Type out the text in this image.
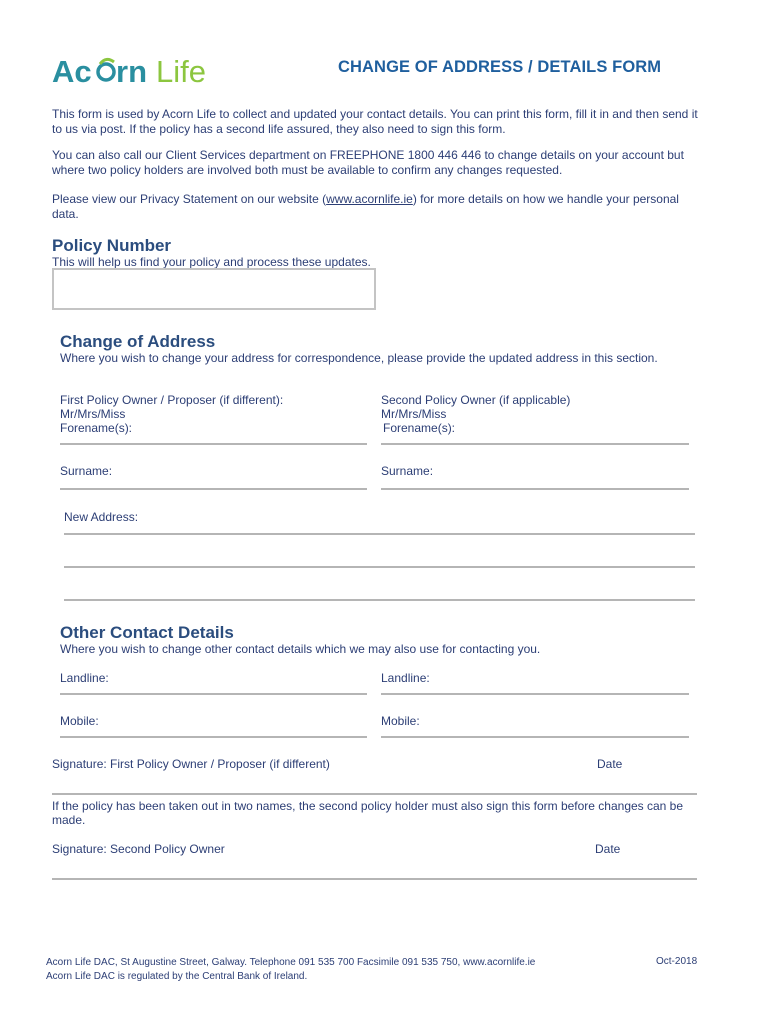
Ac rn Life	CHANGE OF ADDRESS / DETAILS FORM
This form is used by Acorn Life to collect and updated your contact details. You can print this form, fill it in and then send it to us via post. If the policy has a second life assured, they also need to sign this form.
You can also call our Client Services department on FREEPHONE 1800 446 446 to change details on your account but where two policy holders are involved both must be available to confirm any changes requested.
Please view our Privacy Statement on our website (www.acornlife.ie) for more details on how we handle your personal data.
Policy Number
This will help us find your policy and process these updates.
Change of Address
Where you wish to change your address for correspondence, please provide the updated address in this section.
First Policy Owner / Proposer (if different):
Mr/Mrs/Miss
Forename(s):
Second Policy Owner (if applicable)
Mr/Mrs/Miss
Forename(s):
Surname:	Surname:
New Address:
Other Contact Details
Where you wish to change other contact details which we may also use for contacting you.
Landline:	Landline:
Mobile:	Mobile:
Signature: First Policy Owner / Proposer (if different)	Date
If the policy has been taken out in two names, the second policy holder must also sign this form before changes can be made.
Signature: Second Policy Owner	Date
Acorn Life DAC, St Augustine Street, Galway. Telephone 091 535 700 Facsimile 091 535 750, www.acornlife.ie
Acorn Life DAC is regulated by the Central Bank of Ireland.
Oct-2018
